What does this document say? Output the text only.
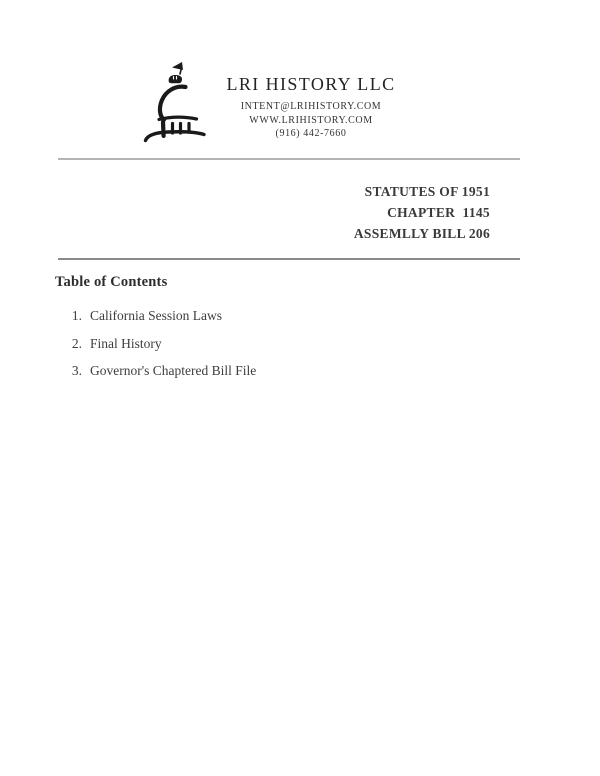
LRI HISTORY LLC
INTENT@LRIHISTORY.COM
WWW.LRIHISTORY.COM
(916) 442-7660
STATUTES OF 1951
CHAPTER  1145
ASSEMLLY BILL 206
Table of Contents
1. California Session Laws
2. Final History
3. Governor's Chaptered Bill File
